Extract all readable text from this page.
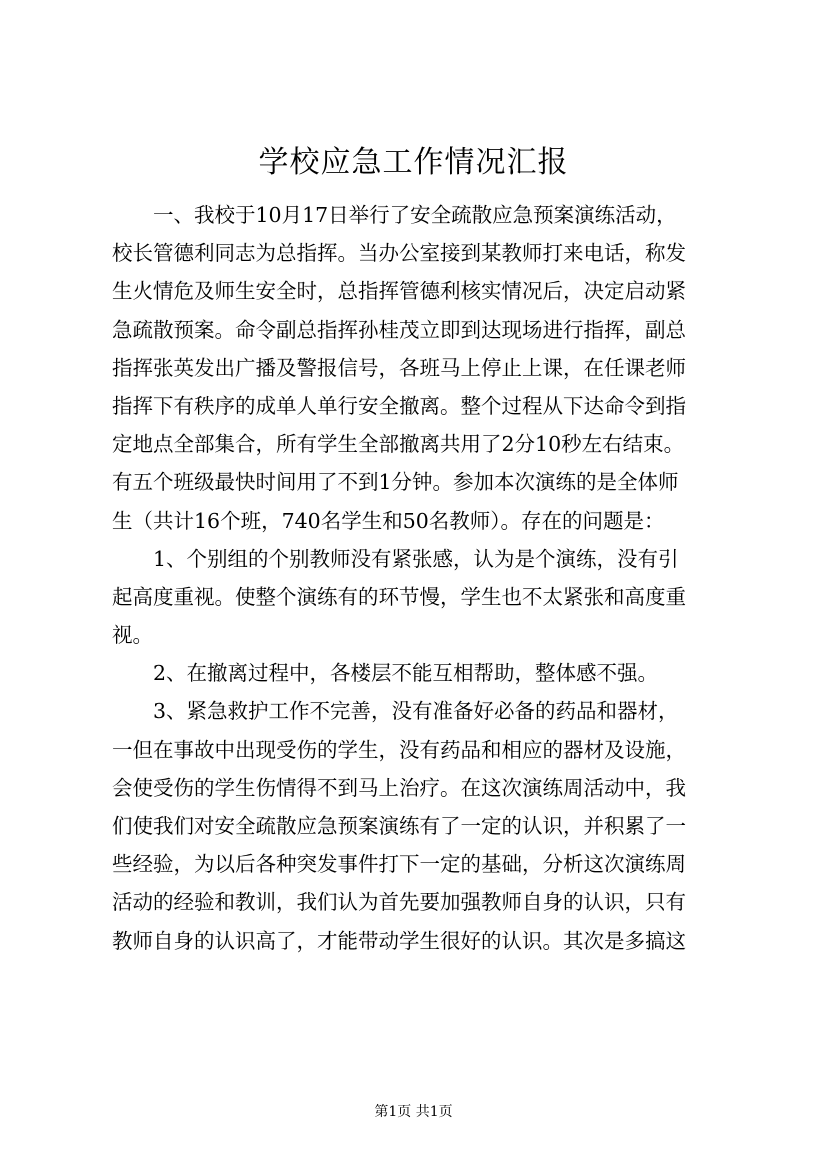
学校应急工作情况汇报
一、我校于10月17日举行了安全疏散应急预案演练活动，
校长管德利同志为总指挥。当办公室接到某教师打来电话，称发
生火情危及师生安全时，总指挥管德利核实情况后，决定启动紧
急疏散预案。命令副总指挥孙桂茂立即到达现场进行指挥，副总
指挥张英发出广播及警报信号，各班马上停止上课，在任课老师
指挥下有秩序的成单人单行安全撤离。整个过程从下达命令到指
定地点全部集合，所有学生全部撤离共用了2分10秒左右结束。
有五个班级最快时间用了不到1分钟。参加本次演练的是全体师
生（共计16个班，740名学生和50名教师）。存在的问题是：
1、个别组的个别教师没有紧张感，认为是个演练，没有引
起高度重视。使整个演练有的环节慢，学生也不太紧张和高度重
视。
2、在撤离过程中，各楼层不能互相帮助，整体感不强。
3、紧急救护工作不完善，没有准备好必备的药品和器材，
一但在事故中出现受伤的学生，没有药品和相应的器材及设施，
会使受伤的学生伤情得不到马上治疗。在这次演练周活动中，我
们使我们对安全疏散应急预案演练有了一定的认识，并积累了一
些经验，为以后各种突发事件打下一定的基础，分析这次演练周
活动的经验和教训，我们认为首先要加强教师自身的认识，只有
教师自身的认识高了，才能带动学生很好的认识。其次是多搞这
第1页 共1页
